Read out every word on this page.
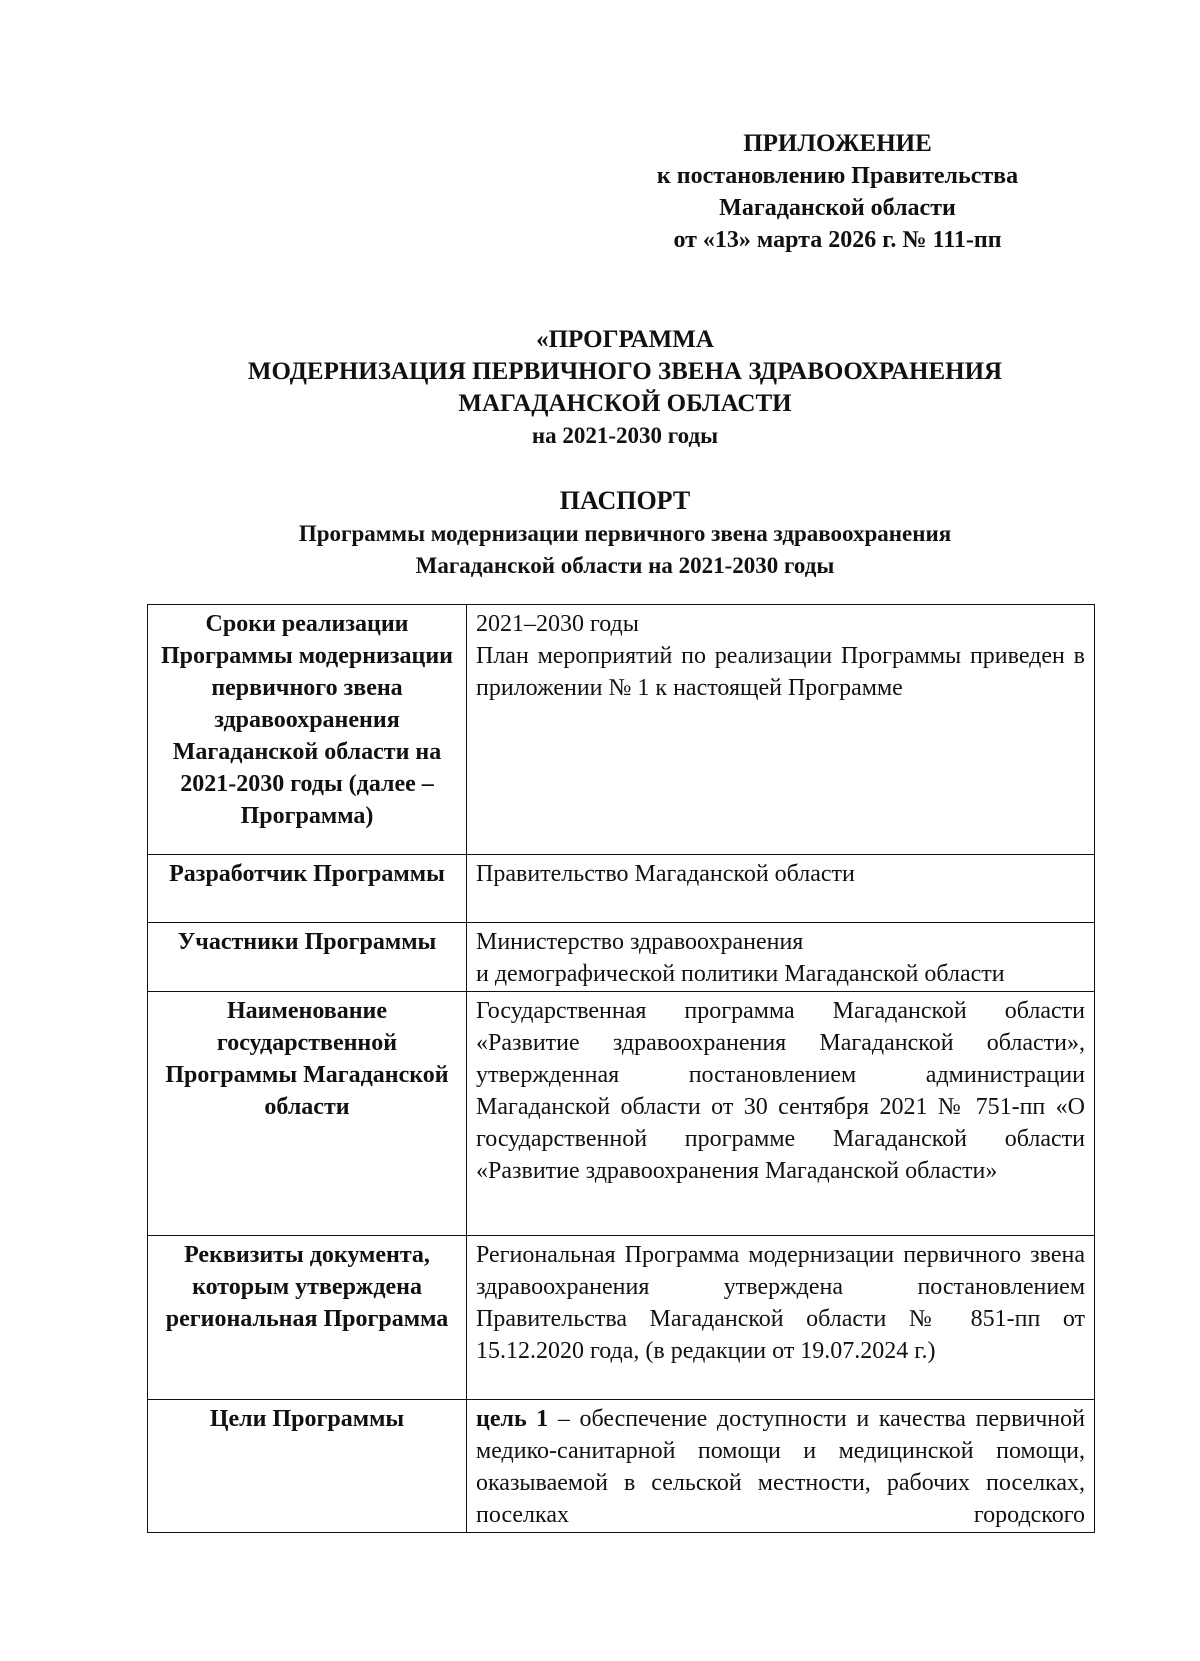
ПРИЛОЖЕНИЕ
к постановлению Правительства
Магаданской области
от «13» марта 2026 г. № 111-пп
«ПРОГРАММА
МОДЕРНИЗАЦИЯ ПЕРВИЧНОГО ЗВЕНА ЗДРАВООХРАНЕНИЯ
МАГАДАНСКОЙ ОБЛАСТИ
на 2021-2030 годы
ПАСПОРТ
Программы модернизации первичного звена здравоохранения
Магаданской области на 2021-2030 годы
Сроки реализации Программы модернизации первичного звена здравоохранения Магаданской области на 2021-2030 годы (далее – Программа)	2021–2030 годы
План мероприятий по реализации Программы приведен в приложении № 1 к настоящей Программе

Разработчик Программы	Правительство Магаданской области

Участники Программы	Министерство здравоохранения
и демографической политики Магаданской области

Наименование государственной Программы Магаданской области	Государственная программа Магаданской области «Развитие здравоохранения Магаданской области», утвержденная постановлением администрации Магаданской области от 30 сентября 2021 № 751-пп «О государственной программе Магаданской области «Развитие здравоохранения Магаданской области»

Реквизиты документа, которым утверждена региональная Программа	Региональная Программа модернизации первичного звена здравоохранения утверждена постановлением Правительства Магаданской области № 851-пп от 15.12.2020 года, (в редакции от 19.07.2024 г.)

Цели Программы	цель 1 – обеспечение доступности и качества первичной медико-санитарной помощи и медицинской помощи, оказываемой в сельской местности, рабочих поселках, поселках городского
